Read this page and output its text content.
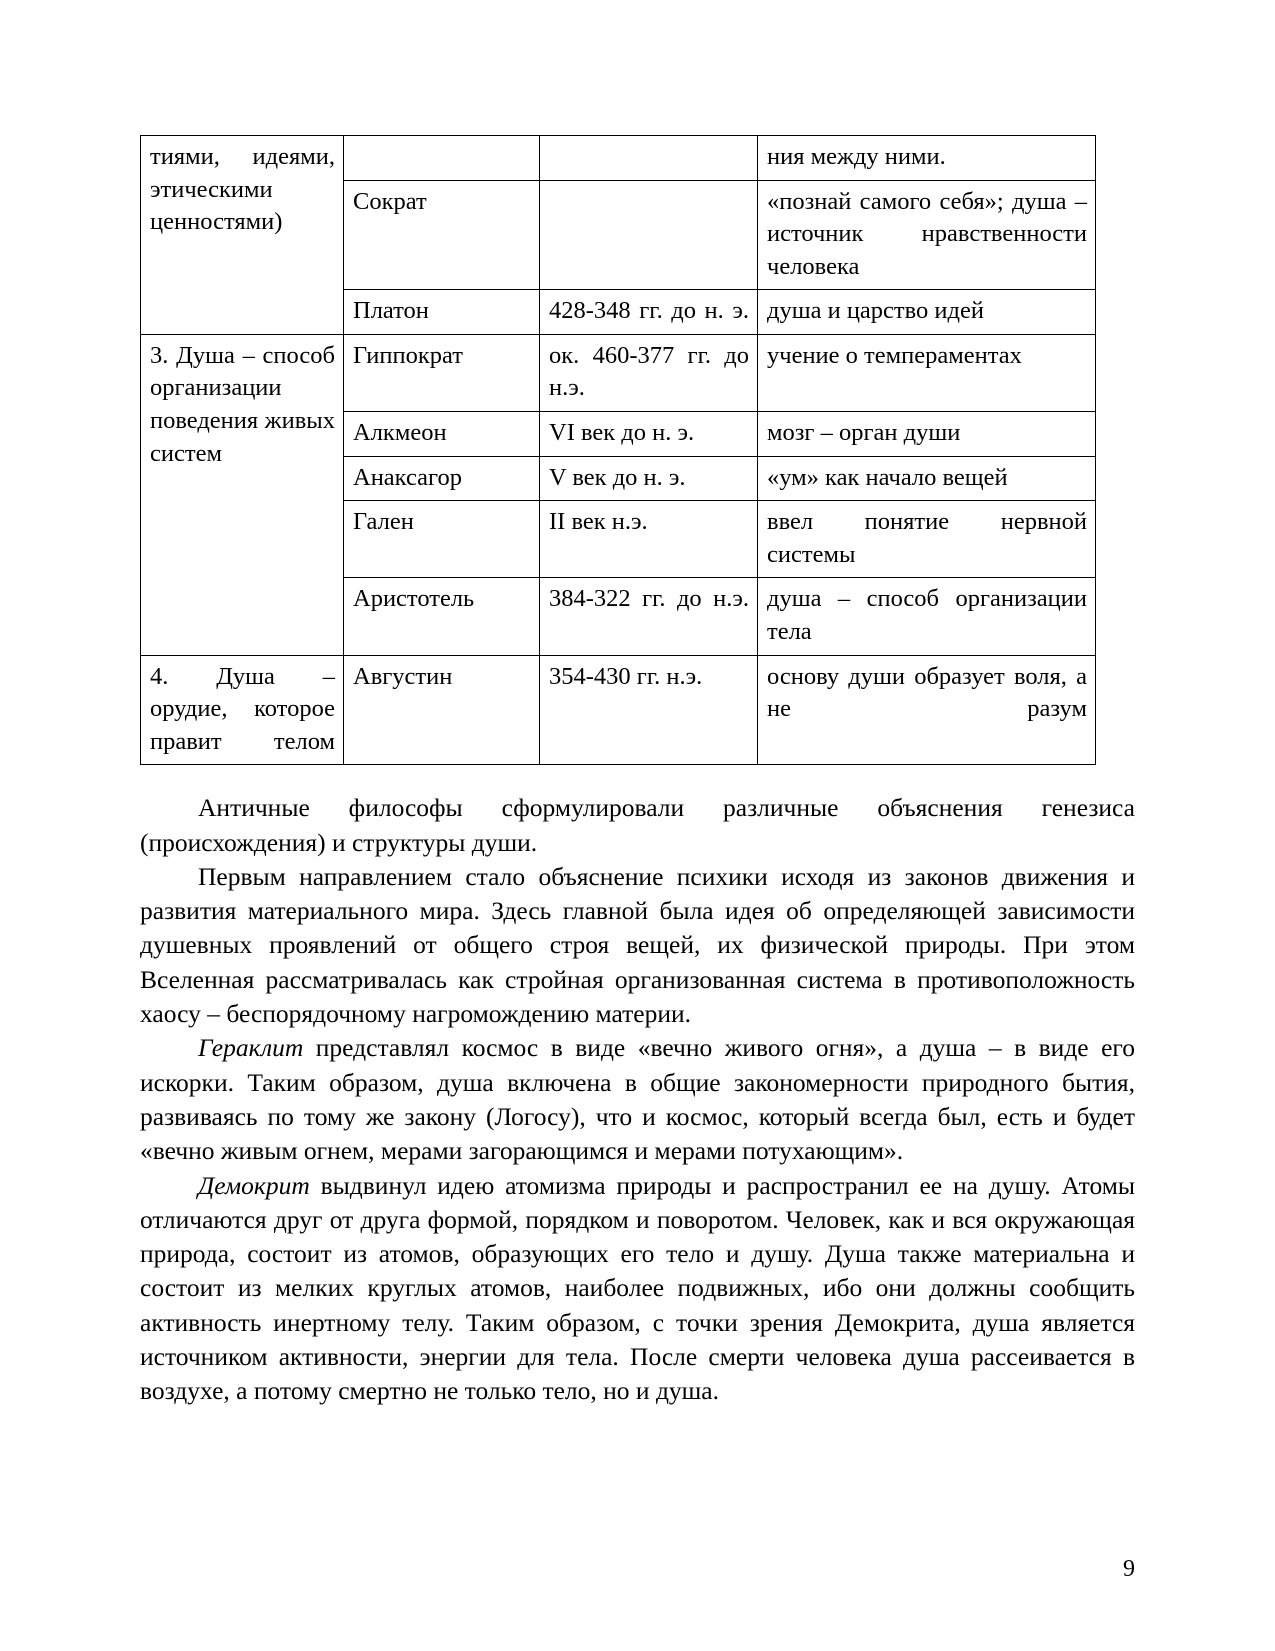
тиями, идеями, этическими ценностями)			ния между ними.
	Сократ		«познай самого себя»; душа – источник нравственности человека
	Платон	428-348 гг. до н. э.	душа и царство идей
3. Душа – способ организации поведения живых систем	Гиппократ	ок. 460-377 гг. до н.э.	учение о темпераментах
	Алкмеон	VI век до н. э.	мозг – орган души
	Анаксагор	V век до н. э.	«ум» как начало вещей
	Гален	II век н.э.	ввел понятие нервной системы
	Аристотель	384-322 гг. до н.э.	душа – способ организации тела
4. Душа – орудие, которое правит телом	Августин	354-430 гг. н.э.	основу души образует воля, а не разум

Античные философы сформулировали различные объяснения генезиса (происхождения) и структуры души.

Первым направлением стало объяснение психики исходя из законов движения и развития материального мира. Здесь главной была идея об определяющей зависимости душевных проявлений от общего строя вещей, их физической природы. При этом Вселенная рассматривалась как стройная организованная система в противоположность хаосу – беспорядочному нагромождению материи.

Гераклит представлял космос в виде «вечно живого огня», а душа – в виде его искорки. Таким образом, душа включена в общие закономерности природного бытия, развиваясь по тому же закону (Логосу), что и космос, который всегда был, есть и будет «вечно живым огнем, мерами загорающимся и мерами потухающим».

Демокрит выдвинул идею атомизма природы и распространил ее на душу. Атомы отличаются друг от друга формой, порядком и поворотом. Человек, как и вся окружающая природа, состоит из атомов, образующих его тело и душу. Душа также материальна и состоит из мелких круглых атомов, наиболее подвижных, ибо они должны сообщить активность инертному телу. Таким образом, с точки зрения Демокрита, душа является источником активности, энергии для тела. После смерти человека душа рассеивается в воздухе, а потому смертно не только тело, но и душа.

9
